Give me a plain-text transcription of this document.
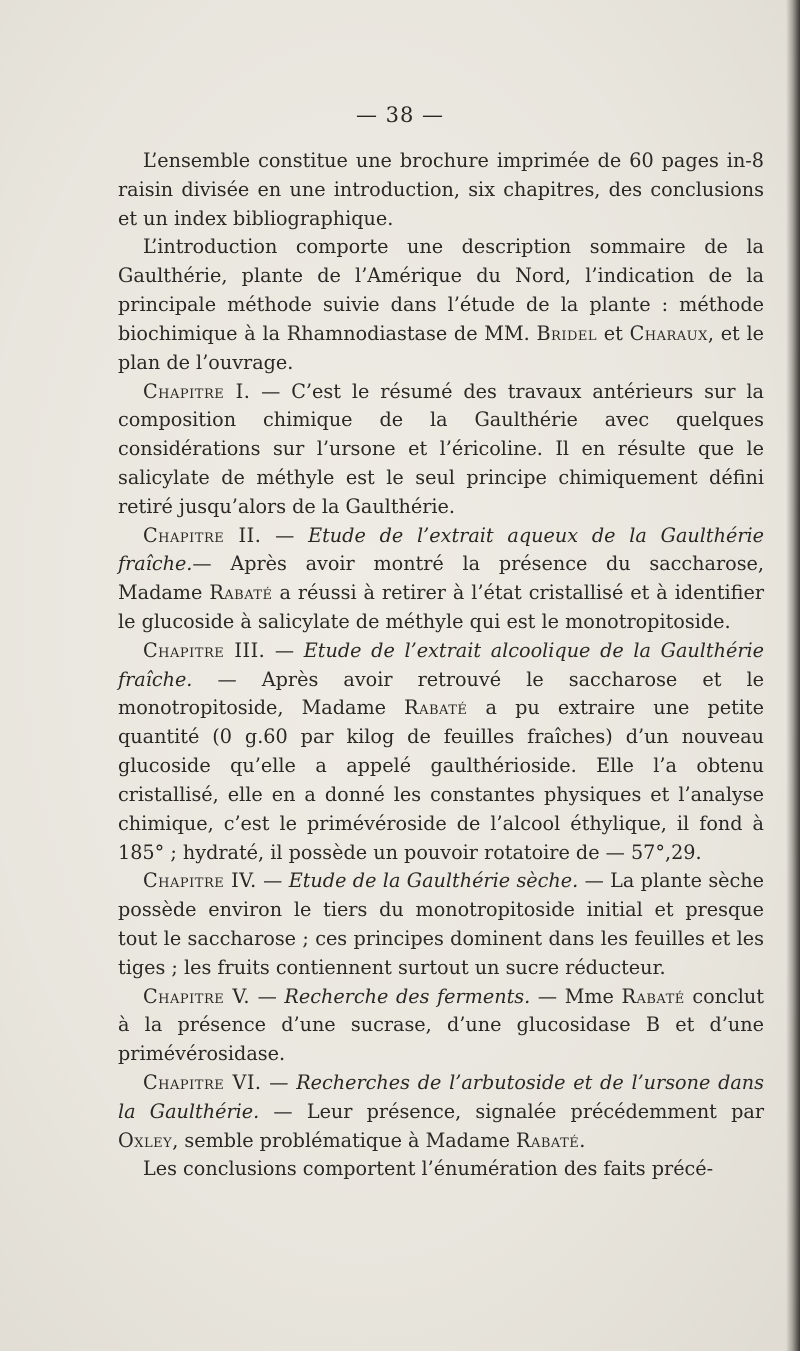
— 38 —

L’ensemble constitue une brochure imprimée de 60 pages in-8 raisin divisée en une introduction, six chapitres, des conclusions et un index bibliographique.

L’introduction comporte une description sommaire de la Gaulthérie, plante de l’Amérique du Nord, l’indication de la principale méthode suivie dans l’étude de la plante : méthode biochimique à la Rhamnodiastase de MM. Bridel et Charaux, et le plan de l’ouvrage.

Chapitre I. — C’est le résumé des travaux antérieurs sur la composition chimique de la Gaulthérie avec quelques considérations sur l’ursone et l’éricoline. Il en résulte que le salicylate de méthyle est le seul principe chimiquement défini retiré jusqu’alors de la Gaulthérie.

Chapitre II. — Etude de l’extrait aqueux de la Gaulthérie fraîche.— Après avoir montré la présence du saccharose, Madame Rabaté a réussi à retirer à l’état cristallisé et à identifier le glucoside à salicylate de méthyle qui est le monotropitoside.

Chapitre III. — Etude de l’extrait alcoolique de la Gaulthérie fraîche. — Après avoir retrouvé le saccharose et le monotropitoside, Madame Rabaté a pu extraire une petite quantité (0 g.60 par kilog de feuilles fraîches) d’un nouveau glucoside qu’elle a appelé gaulthérioside. Elle l’a obtenu cristallisé, elle en a donné les constantes physiques et l’analyse chimique, c’est le primévéroside de l’alcool éthylique, il fond à 185° ; hydraté, il possède un pouvoir rotatoire de — 57°,29.

Chapitre IV. — Etude de la Gaulthérie sèche. — La plante sèche possède environ le tiers du monotropitoside initial et presque tout le saccharose ; ces principes dominent dans les feuilles et les tiges ; les fruits contiennent surtout un sucre réducteur.

Chapitre V. — Recherche des ferments. — Mme Rabaté conclut à la présence d’une sucrase, d’une glucosidase B et d’une primévérosidase.

Chapitre VI. — Recherches de l’arbutoside et de l’ursone dans la Gaulthérie. — Leur présence, signalée précédemment par Oxley, semble problématique à Madame Rabaté.

Les conclusions comportent l’énumération des faits précé-
